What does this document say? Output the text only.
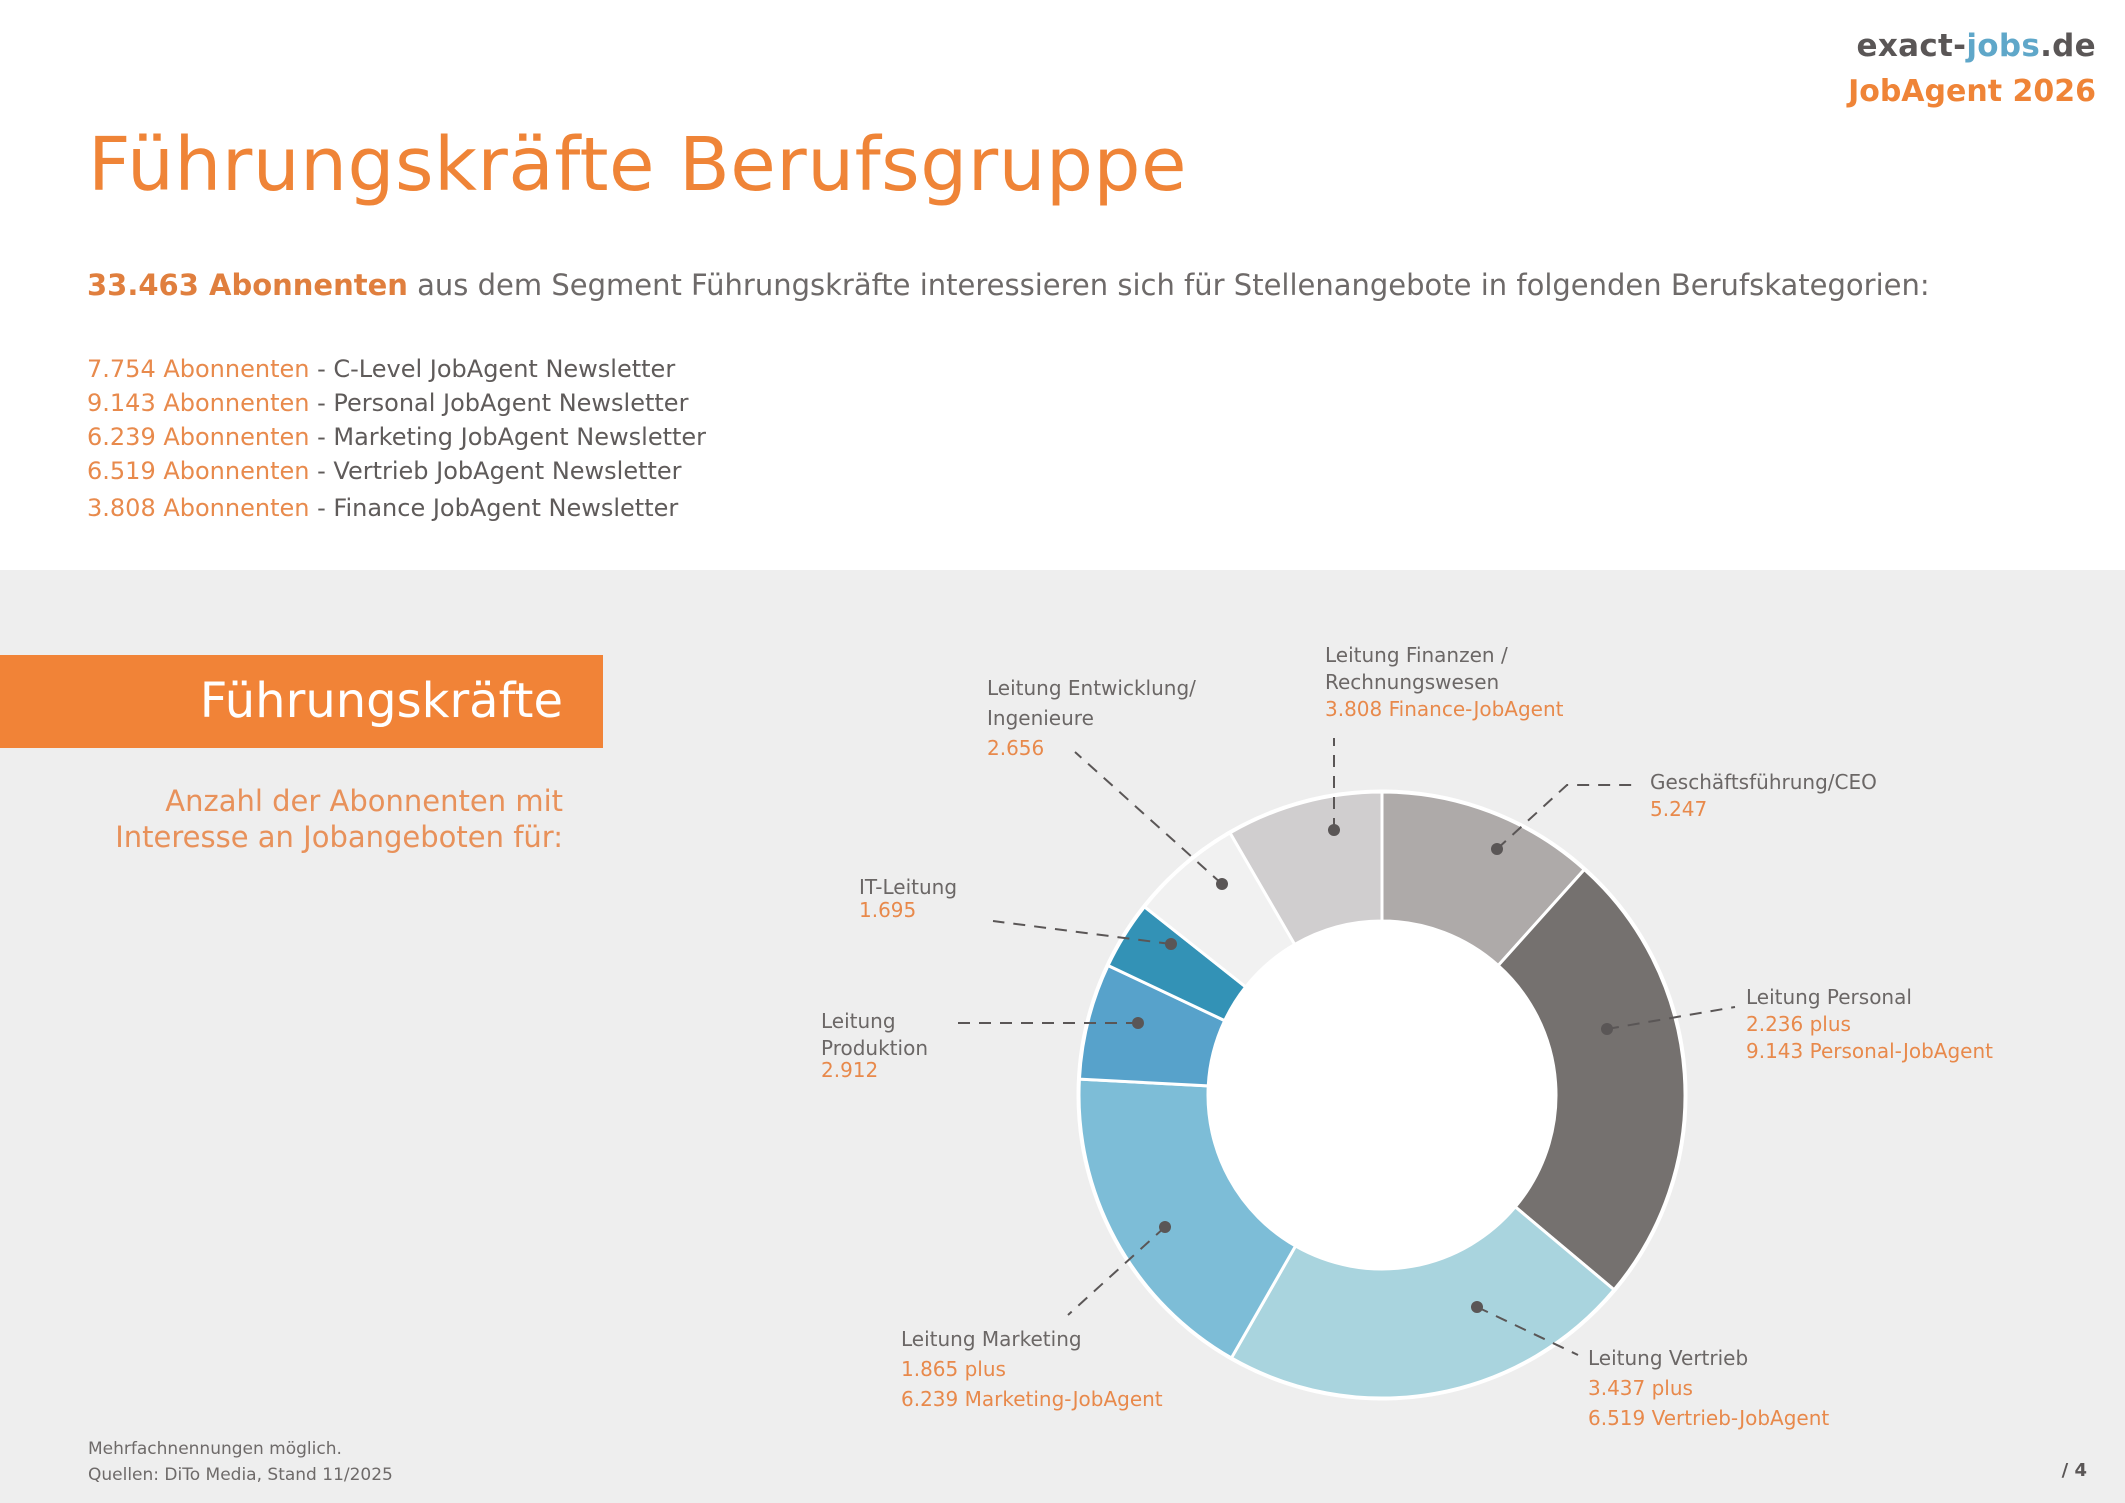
exact-jobs.de
JobAgent 2026
Führungskräfte Berufsgruppe
33.463 Abonnenten aus dem Segment Führungskräfte interessieren sich für Stellenangebote in folgenden Berufskategorien:
7.754 Abonnenten - C-Level JobAgent Newsletter
9.143 Abonnenten - Personal JobAgent Newsletter
6.239 Abonnenten - Marketing JobAgent Newsletter
6.519 Abonnenten - Vertrieb JobAgent Newsletter
3.808 Abonnenten - Finance JobAgent Newsletter
Führungskräfte
Anzahl der Abonnenten mit
Interesse an Jobangeboten für:
Geschäftsführung/CEO
5.247
Leitung Personal
2.236 plus
9.143 Personal-JobAgent
Leitung Vertrieb
3.437 plus
6.519 Vertrieb-JobAgent
Leitung Marketing
1.865 plus
6.239 Marketing-JobAgent
Leitung
Produktion
2.912
IT-Leitung
1.695
Leitung Entwicklung/
Ingenieure
2.656
Leitung Finanzen /
Rechnungswesen
3.808 Finance-JobAgent
Mehrfachnennungen möglich.
Quellen: DiTo Media, Stand 11/2025	/ 4
